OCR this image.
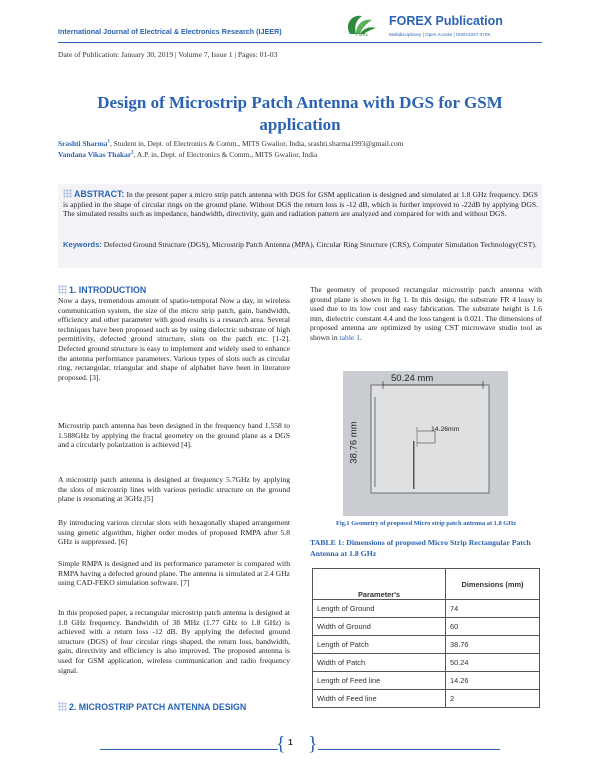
International Journal of Electrical & Electronics Research (IJEER)	Forex
FOREX Publication
Multidisciplinary | Open Access | ISSN:2347-470X
Date of Publication: January 30, 2019 | Volume 7, Issue 1 | Pages: 01-03
Design of Microstrip Patch Antenna with DGS for GSM application
Srashti Sharma$^1$, Student in, Dept. of Electronics & Comm., MITS Gwalior, India, srashti.sharma1993@gmail.com
Vandana Vikas Thakar$^2$, A.P. in, Dept. of Electronics & Comm., MITS Gwalior, India
ABSTRACT: In the present paper a micro strip patch antenna with DGS for GSM application is designed and simulated at 1.8 GHz frequency. DGS is applied in the shape of circular rings on the ground plane. Without DGS the return loss is -12 dB, which is further improved to -22dB by applying DGS. The simulated results such as impedance, bandwidth, directivity, gain and radiation pattern are analyzed and compared for with and without DGS.
Keywords: Defected Ground Structure (DGS), Microstrip Patch Antenna (MPA), Circular Ring Structure (CRS), Computer Simulation Technology(CST).
1. INTRODUCTION
Now a days, tremendous amount of spatio-temporal Now a day, in wireless communication system, the size of the micro strip patch, gain, bandwidth, efficiency and other parameter with good results is a research area. Several techniques have been proposed such as by using dielectric substrate of high permittivity, defected ground structure, slots on the patch etc. [1-2]. Defected ground structure is easy to implement and widely used to enhance the antenna performance parameters. Various types of slots such as circular ring, rectangular, triangular and shape of alphabet have been in literature proposed. [3].
Microstrip patch antenna has been designed in the frequency band 1.558 to 1.588GHz by applying the fractal geometry on the ground plane as a DGS and a circularly polarization is achieved [4].
A microstrip patch antenna is designed at frequency 5.7GHz by applying the slots of microstrip lines with various periodic structure on the ground plane is resonating at 3GHz.[5]
By introducing various circular slots with hexagonally shaped arrangement using genetic algorithm, higher order modes of proposed RMPA after 5.8 GHz is suppressed. [6]
Simple RMPA is designed and its performance parameter is compared with RMPA having a defected ground plane. The antenna is simulated at 2.4 GHz using CAD-FEKO simulation software. [7]
In this proposed paper, a rectangular microstrip patch antenna is designed at 1.8 GHz frequency. Bandwidth of 38 MHz (1.77 GHz to 1.8 GHz) is achieved with a return loss -12 dB. By applying the defected ground structure (DGS) of four circular rings shaped, the return loss, bandwidth, gain, directivity and efficiency is also improved. The proposed antenna is used for GSM application, wireless communication and radio frequency signal.
2. MICROSTRIP PATCH ANTENNA DESIGN
The geometry of proposed rectangular microstrip patch antenna with ground plane is shown in fig 1. In this design, the substrate FR 4 lossy is used due to its low cost and easy fabrication. The substrate height is 1.6 mm, dielectric constant 4.4 and the loss tangent is 0.021. The dimensions of proposed antenna are optimized by using CST microwave studio tool as shown in table 1.
50.24 mm
38.76 mm	14.26mm
Fig.1 Geometry of proposed Micro strip patch antenna at 1.8 GHz
TABLE 1: Dimensions of proposed Micro Strip Rectangular Patch Antenna at 1.8 GHz
Parameter's	Dimensions (mm)
Length of Ground	74
Width of Ground	60
Length of Patch	38.76
Width of Patch	50.24
Length of Feed line	14.26
Width of Feed line	2
{ }
1
